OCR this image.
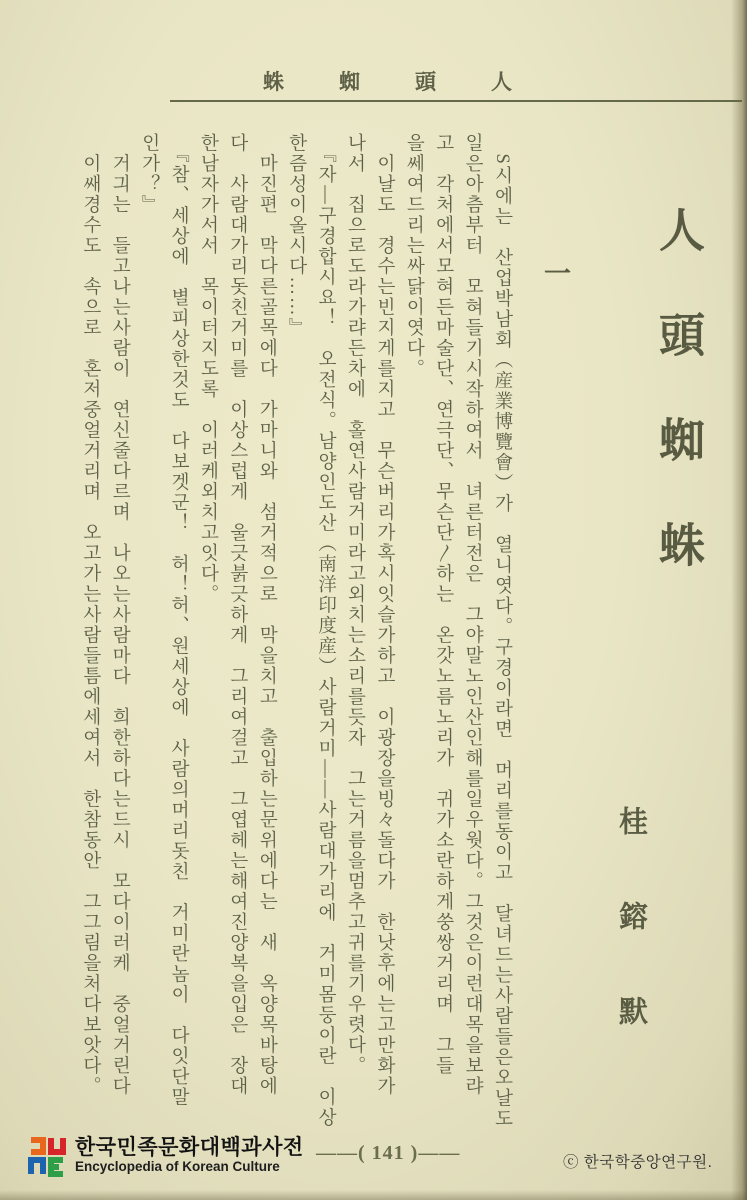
蛛蜘頭人
人頭蜘蛛
一
桂鎔默

　S시에는　산업박남회（産業博覽會）가　열니엿다。구경이라면　머리를동이고　달녀드는사람들은오날도

일은아츰부터　모혀들기시작하여서　녀른터전은　그야말노인산인해를일우웟다。그것은이런대목을보랴

고　각처에서모혀든마술단、연극단、무슨단〳하는　온갓노름노리가　귀가소란하게쑹쌍거리며　그들

을쎄여드리는싸닭이엿다。

　이날도　경수는빈지게를지고　무슨버리가혹시잇슬가하고　이광장을빙々돌다가　한낫후에는고만화가

나서　집으로도라가랴든차에　홀연사람거미라고외치는소리를듯자　그는거름을멈추고귀를기우렷다。

　『자—구경합시요！　오전식。남양인도산（南洋印度産）사람거미——사람대가리에　거미몸둥이란　이상

한즘성이올시다……』

　마진편　막다른골목에다　가마니와　섬거적으로　막을치고　출입하는문위에다는　새　옥양목바탕에

다　사람대가리돗친거미를　이상스럽게　울긋붉긋하게　그리여걸고　그엽헤는해여진양복을입은　장대

한남자가서서　목이터지도록　이러케외치고잇다。

　『참、세상에　별피상한것도　다보겟군！　허！허、원세상에　사람의머리돗친　거미란놈이　다잇단말

인가？』

　거긔는　들고나는사람이　연신줄다르며　나오는사람마다　희한하다는드시　모다이러케　중얼거린다

　이쌔경수도　속으로　혼저중얼거리며　오고가는사람들틈에세여서　한참동안　그그림을처다보앗다。

한국민족문화대백과사전
Encyclopedia of Korean Culture
——( 141 )——	ⓒ 한국학중앙연구원.
